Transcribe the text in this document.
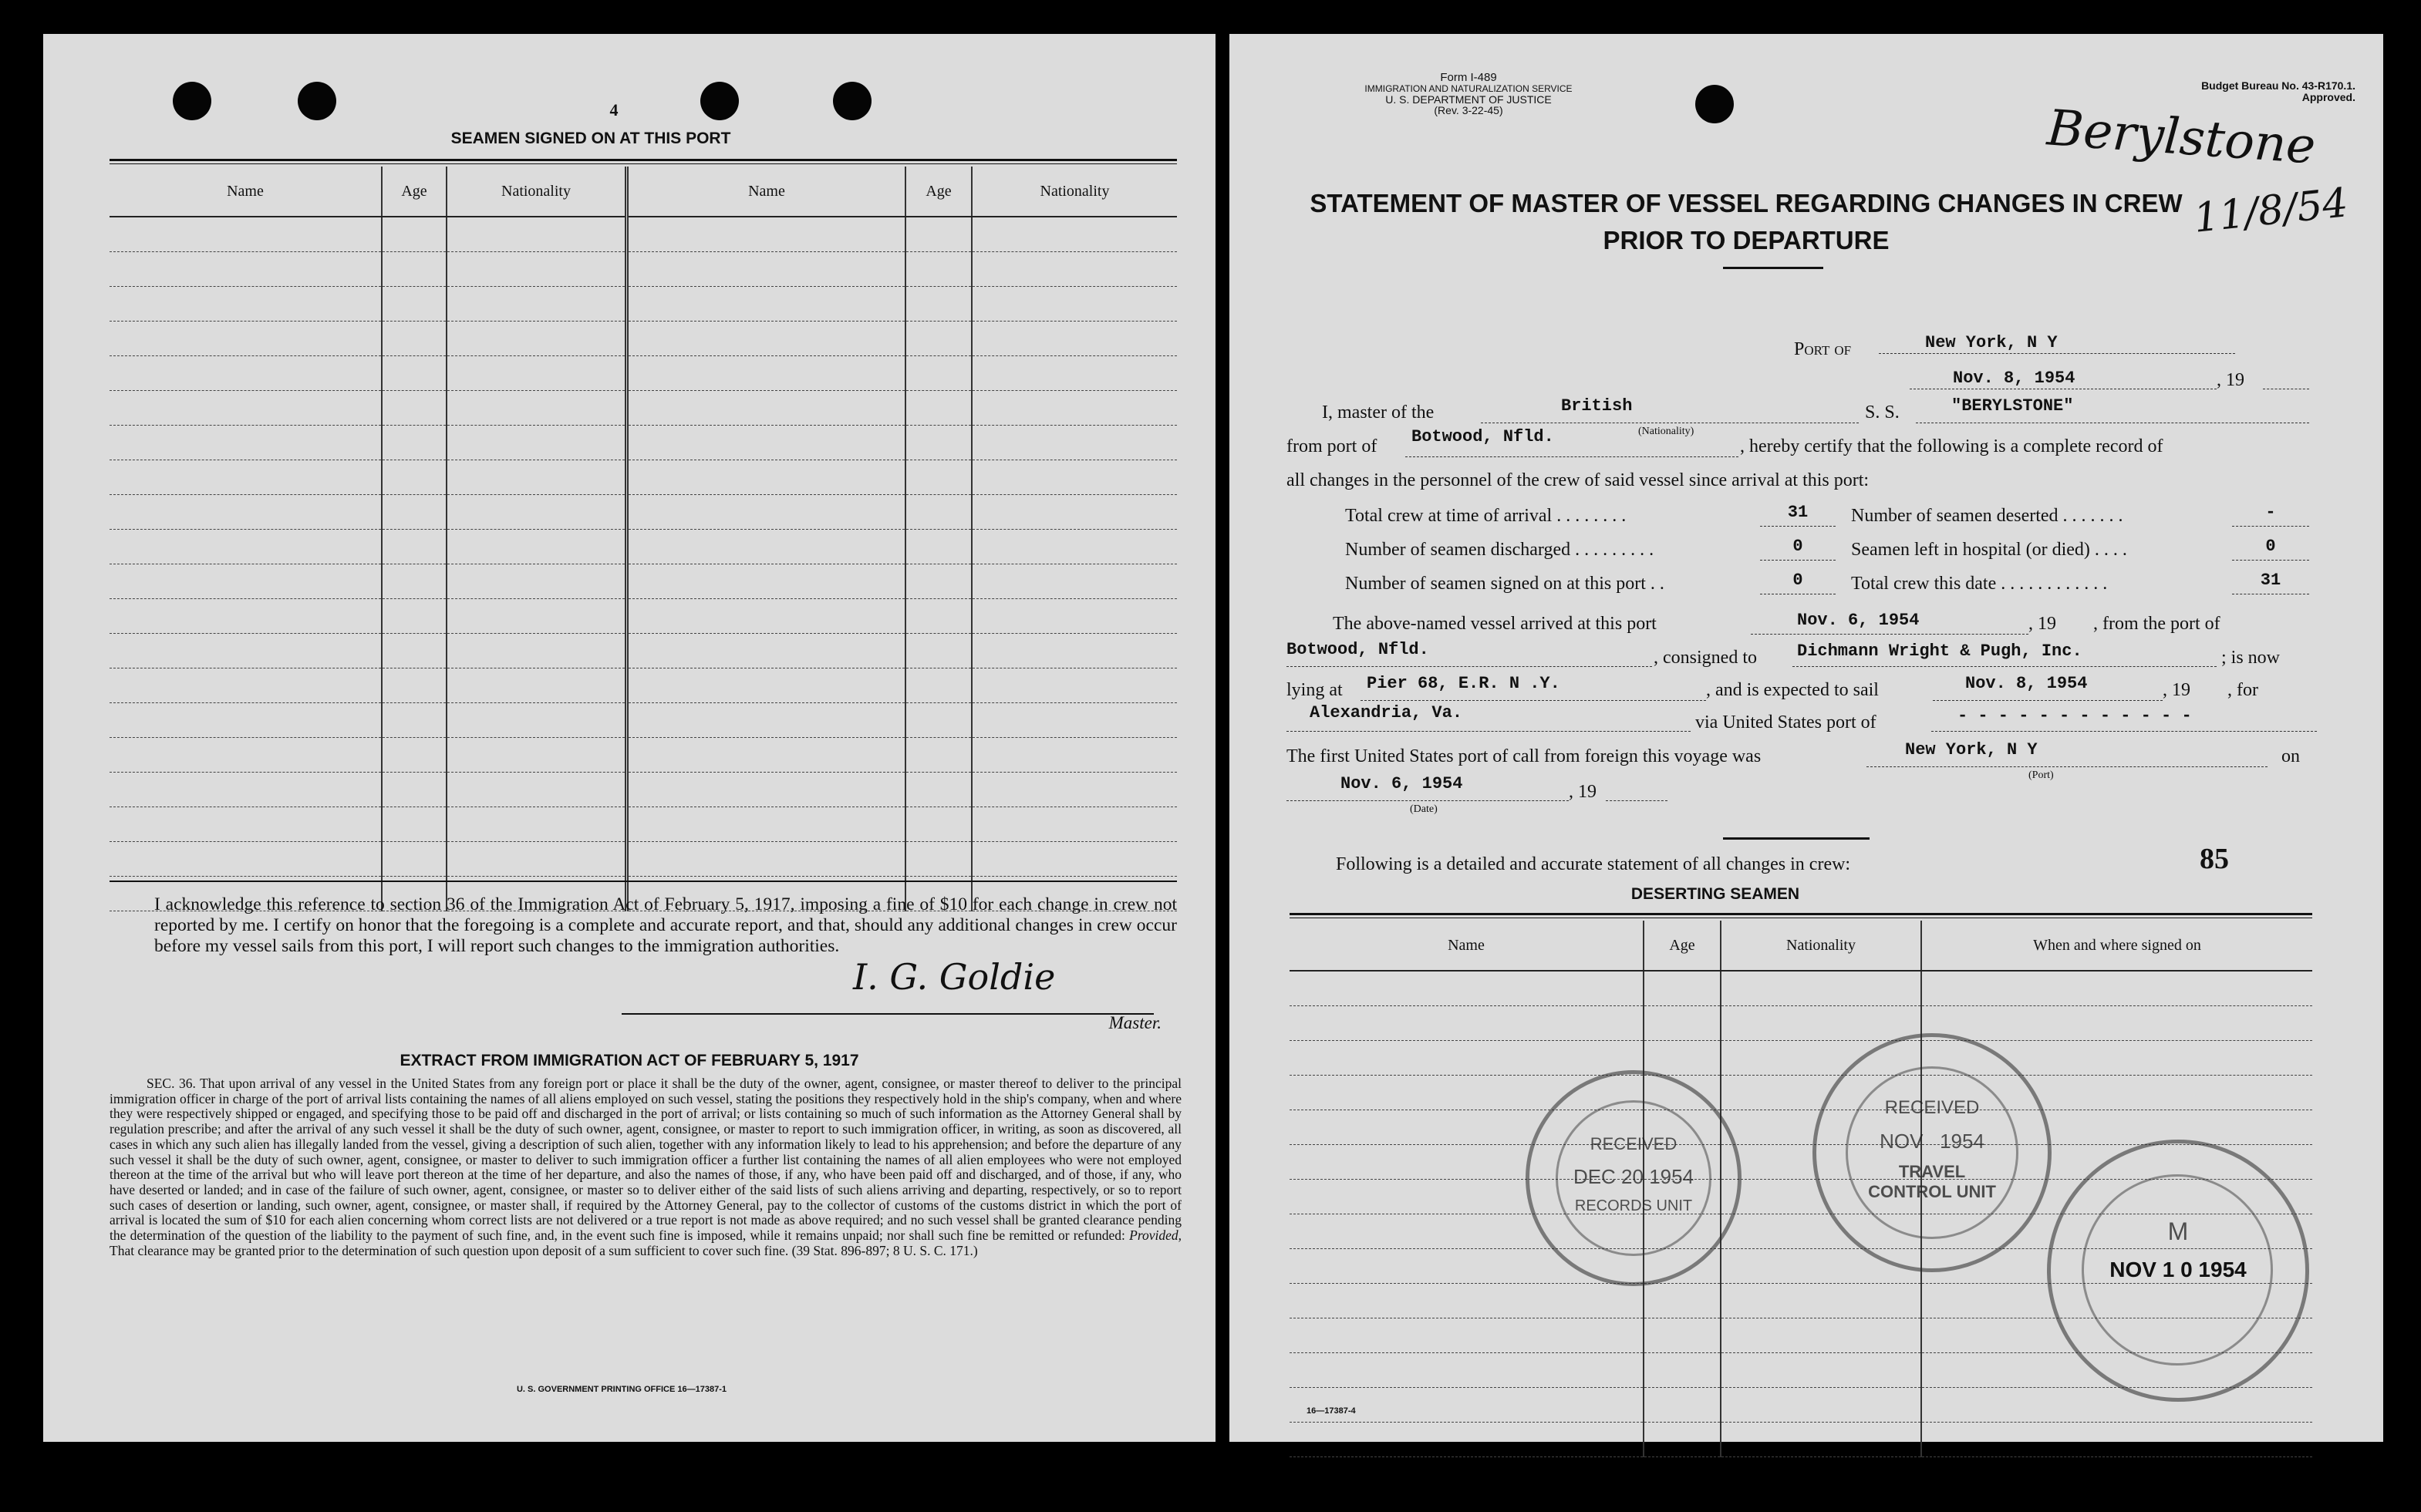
4
SEAMEN SIGNED ON AT THIS PORT
Name	Age	Nationality	Name	Age	Nationality

I acknowledge this reference to section 36 of the Immigration Act of February 5, 1917, imposing a fine of $10 for each change in crew not reported by me. I certify on honor that the foregoing is a complete and accurate report, and that, should any additional changes in crew occur before my vessel sails from this port, I will report such changes to the immigration authorities.
I. G. Goldie
Master.
EXTRACT FROM IMMIGRATION ACT OF FEBRUARY 5, 1917
SEC. 36. That upon arrival of any vessel in the United States from any foreign port or place it shall be the duty of the owner, agent, consignee, or master thereof to deliver to the principal immigration officer in charge of the port of arrival lists containing the names of all aliens employed on such vessel, stating the positions they respectively hold in the ship's company, when and where they were respectively shipped or engaged, and specifying those to be paid off and discharged in the port of arrival; or lists containing so much of such information as the Attorney General shall by regulation prescribe; and after the arrival of any such vessel it shall be the duty of such owner, agent, consignee, or master to report to such immigration officer, in writing, as soon as discovered, all cases in which any such alien has illegally landed from the vessel, giving a description of such alien, together with any information likely to lead to his apprehension; and before the departure of any such vessel it shall be the duty of such owner, agent, consignee, or master to deliver to such immigration officer a further list containing the names of all alien employees who were not employed thereon at the time of the arrival but who will leave port thereon at the time of her departure, and also the names of those, if any, who have been paid off and discharged, and of those, if any, who have deserted or landed; and in case of the failure of such owner, agent, consignee, or master so to deliver either of the said lists of such aliens arriving and departing, respectively, or so to report such cases of desertion or landing, such owner, agent, consignee, or master shall, if required by the Attorney General, pay to the collector of customs of the customs district in which the port of arrival is located the sum of $10 for each alien concerning whom correct lists are not delivered or a true report is not made as above required; and no such vessel shall be granted clearance pending the determination of the question of the liability to the payment of such fine, and, in the event such fine is imposed, while it remains unpaid; nor shall such fine be remitted or refunded: Provided, That clearance may be granted prior to the determination of such question upon deposit of a sum sufficient to cover such fine. (39 Stat. 896-897; 8 U. S. C. 171.)
U. S. GOVERNMENT PRINTING OFFICE 16—17387-1
Form I-489
IMMIGRATION AND NATURALIZATION SERVICE
U. S. DEPARTMENT OF JUSTICE
(Rev. 3-22-45)
Budget Bureau No. 43-R170.1.
Approved.
Berylstone
11/8/54
STATEMENT OF MASTER OF VESSEL REGARDING CHANGES IN CREW
PRIOR TO DEPARTURE
Port of	New York, N Y
Nov. 8, 1954	, 19
I, master of the	British
(Nationality)
S. S.	"BERYLSTONE"
from port of Botwood, Nfld.	, hereby certify that the following is a complete record of
all changes in the personnel of the crew of said vessel since arrival at this port:
Total crew at time of arrival . . . . . . . .	31	Number of seamen deserted . . . . . . .	-
Number of seamen discharged . . . . . . . . .	0	Seamen left in hospital (or died) . . . .	0
Number of seamen signed on at this port . .	0	Total crew this date . . . . . . . . . . . .	31
The above-named vessel arrived at this port	Nov. 6, 1954	, 19        , from the port of
Botwood, Nfld.	, consigned to Dichmann Wright & Pugh, Inc.	; is now
lying at Pier 68, E.R. N .Y.	, and is expected to sail	Nov. 8, 1954	, 19        , for
Alexandria, Va.	via United States port of	- - - - - - - - - - - -
The first United States port of call from foreign this voyage was	New York, N Y
(Port)
on
Nov. 6, 1954
(Date)
, 19
Following is a detailed and accurate statement of all changes in crew:	85
DESERTING SEAMEN
Name	Age	Nationality	When and where signed on

RECEIVED
DEC 20 1954
RECORDS UNIT
RECEIVED
NOV   1954
TRAVEL CONTROL UNIT
M
NOV 1 0 1954
16—17387-4
